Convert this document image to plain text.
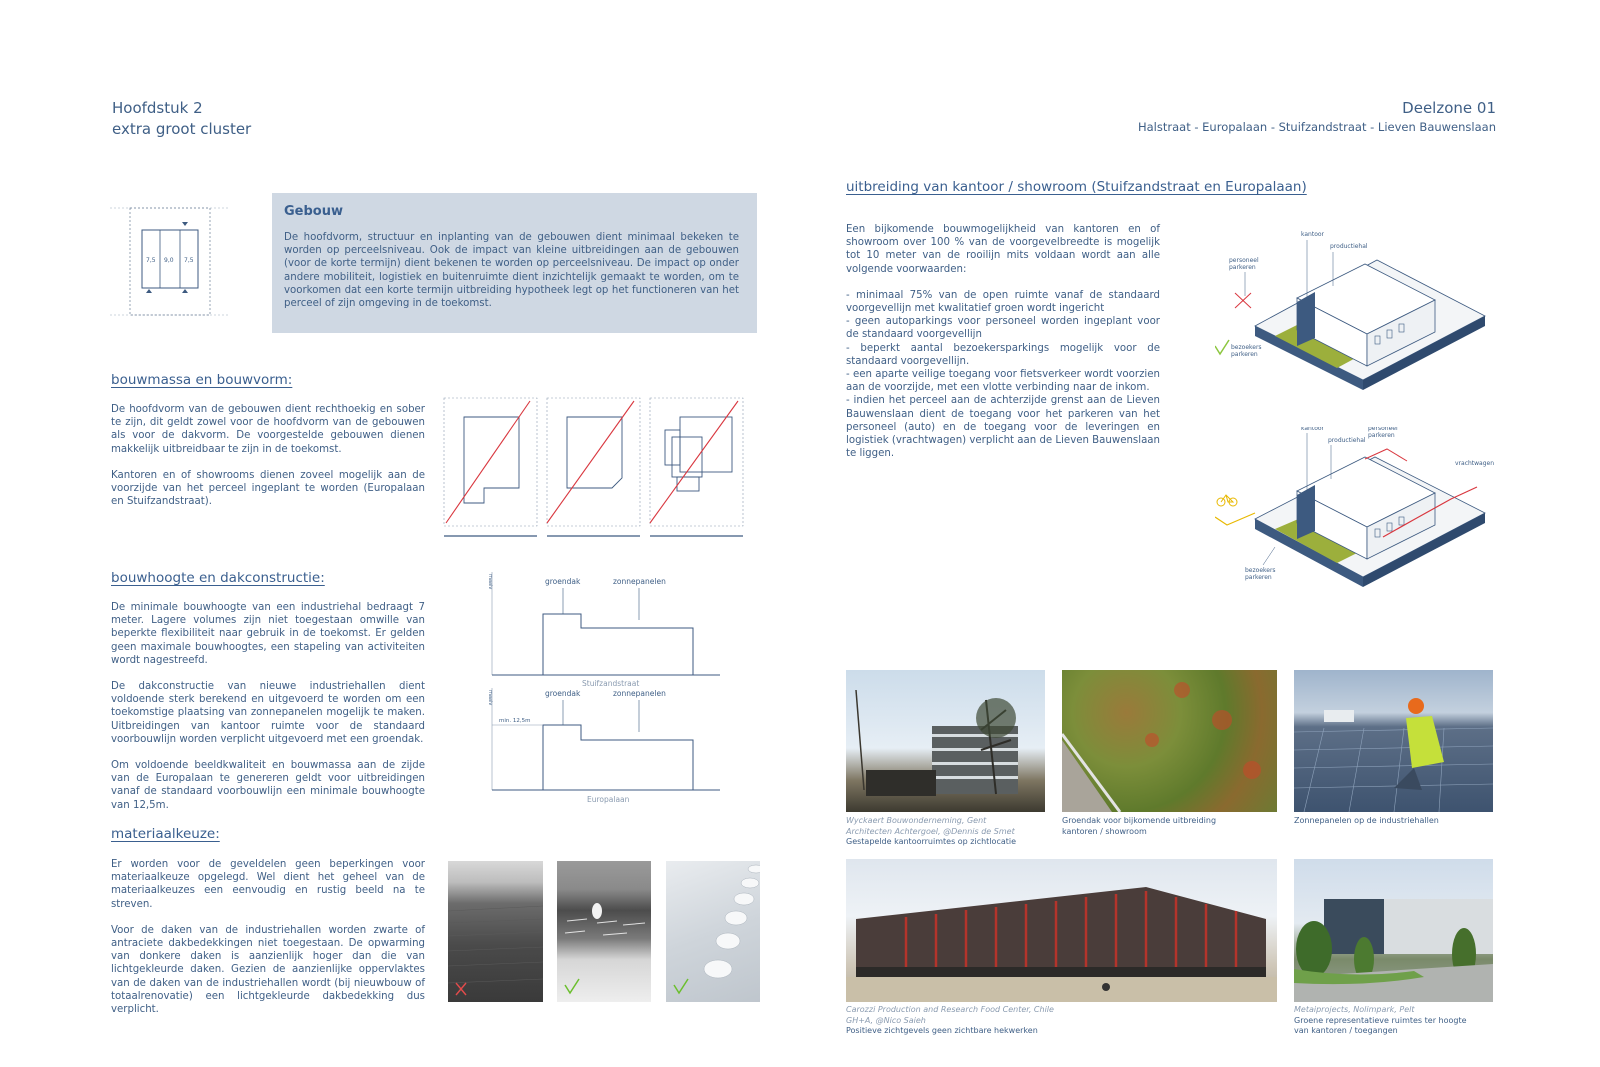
Hoofdstuk 2
extra groot cluster
Deelzone 01
Halstraat - Europalaan - Stuifzandstraat - Lieven Bauwenslaan
7,5 9,0 7,5
Gebouw
De hoofdvorm, structuur en inplanting van de gebouwen dient minimaal bekeken te worden op perceelsniveau. Ook de impact van kleine uitbreidingen aan de gebouwen (voor de korte termijn) dient bekenen te worden op perceelsniveau. De impact op onder andere mobiliteit, logistiek en buitenruimte dient inzichtelijk gemaakt te worden, om te voorkomen dat een korte termijn uitbreiding hypotheek legt op het functioneren van het perceel of zijn omgeving in de toekomst.
bouwmassa en bouwvorm:

De hoofdvorm van de gebouwen dient rechthoekig en sober te zijn, dit geldt zowel voor de hoofdvorm van de gebouwen als voor de dakvorm. De voorgestelde gebouwen dienen makkelijk uitbreidbaar te zijn in de toekomst.

Kantoren en of showrooms dienen zoveel mogelijk aan de voorzijde van het perceel ingeplant te worden (Europalaan en Stuifzandstraat).

bouwhoogte en dakconstructie:

De minimale bouwhoogte van een industriehal bedraagt 7 meter. Lagere volumes zijn niet toegestaan omwille van beperkte flexibiliteit naar gebruik in de toekomst. Er gelden geen maximale bouwhoogtes, een stapeling van activiteiten wordt nagestreefd.

De dakconstructie van nieuwe industriehallen dient voldoende sterk berekend en uitgevoerd te worden om een toekomstige plaatsing van zonnepanelen mogelijk te maken. Uitbreidingen van kantoor ruimte voor de standaard voorbouwlijn worden verplicht uitgevoerd met een groendak.

Om voldoende beeldkwaliteit en bouwmassa aan de zijde van de Europalaan te genereren geldt voor uitbreidingen vanaf de standaard voorbouwlijn een minimale bouwhoogte van 12,5m.

maaiv	groendak	zonnepanelen
Stuifzandstraat
maaiv
min. 12,5m
groendak	zonnepanelen
Europalaan
materiaalkeuze:

Er worden voor de geveldelen geen beperkingen voor materiaalkeuze opgelegd. Wel dient het geheel van de materiaalkeuzes een eenvoudig en rustig beeld na te streven.

Voor de daken van de industriehallen worden zwarte of antraciete dakbedekkingen niet toegestaan. De opwarming van donkere daken is aanzienlijk hoger dan die van lichtgekleurde daken. Gezien de aanzienlijke oppervlaktes van de daken van de industriehallen wordt (bij nieuwbouw of totaalrenovatie) een lichtgekleurde dakbedekking dus verplicht.

uitbreiding van kantoor / showroom (Stuifzandstraat en Europalaan)

Een bijkomende bouwmogelijkheid van kantoren en of showroom over 100 % van de voorgevelbreedte is mogelijk tot 10 meter van de rooilijn mits voldaan wordt aan alle volgende voorwaarden:

- minimaal 75% van de open ruimte vanaf de standaard voorgevellijn met kwalitatief groen wordt ingericht
- geen autoparkings voor personeel worden ingeplant voor de standaard voorgevellijn
- beperkt aantal bezoekersparkings mogelijk voor de standaard voorgevellijn.
- een aparte veilige toegang voor fietsverkeer wordt voorzien aan de voorzijde, met een vlotte verbinding naar de inkom.
- indien het perceel aan de achterzijde grenst aan de Lieven Bauwenslaan dient de toegang voor het parkeren van het personeel (auto) en de toegang voor de leveringen en logistiek (vrachtwagen) verplicht aan de Lieven Bauwenslaan te liggen.
kantoor
productiehal
personeel
parkeren
bezoekers
parkeren
kantoor
productiehal
personeel
parkeren
vrachtwagen
bezoekers
parkeren
Wyckaert Bouwonderneming, Gent
Architecten Achtergoel, @Dennis de Smet
Gestapelde kantoorruimtes op zichtlocatie
Groendak voor bijkomende uitbreiding
kantoren / showroom
Zonnepanelen op de industriehallen
Carozzi Production and Research Food Center, Chile
GH+A, @Nico Saieh
Positieve zichtgevels geen zichtbare hekwerken
Metaiprojects, Nolimpark, Pelt
Groene representatieve ruimtes ter hoogte
van kantoren / toegangen
